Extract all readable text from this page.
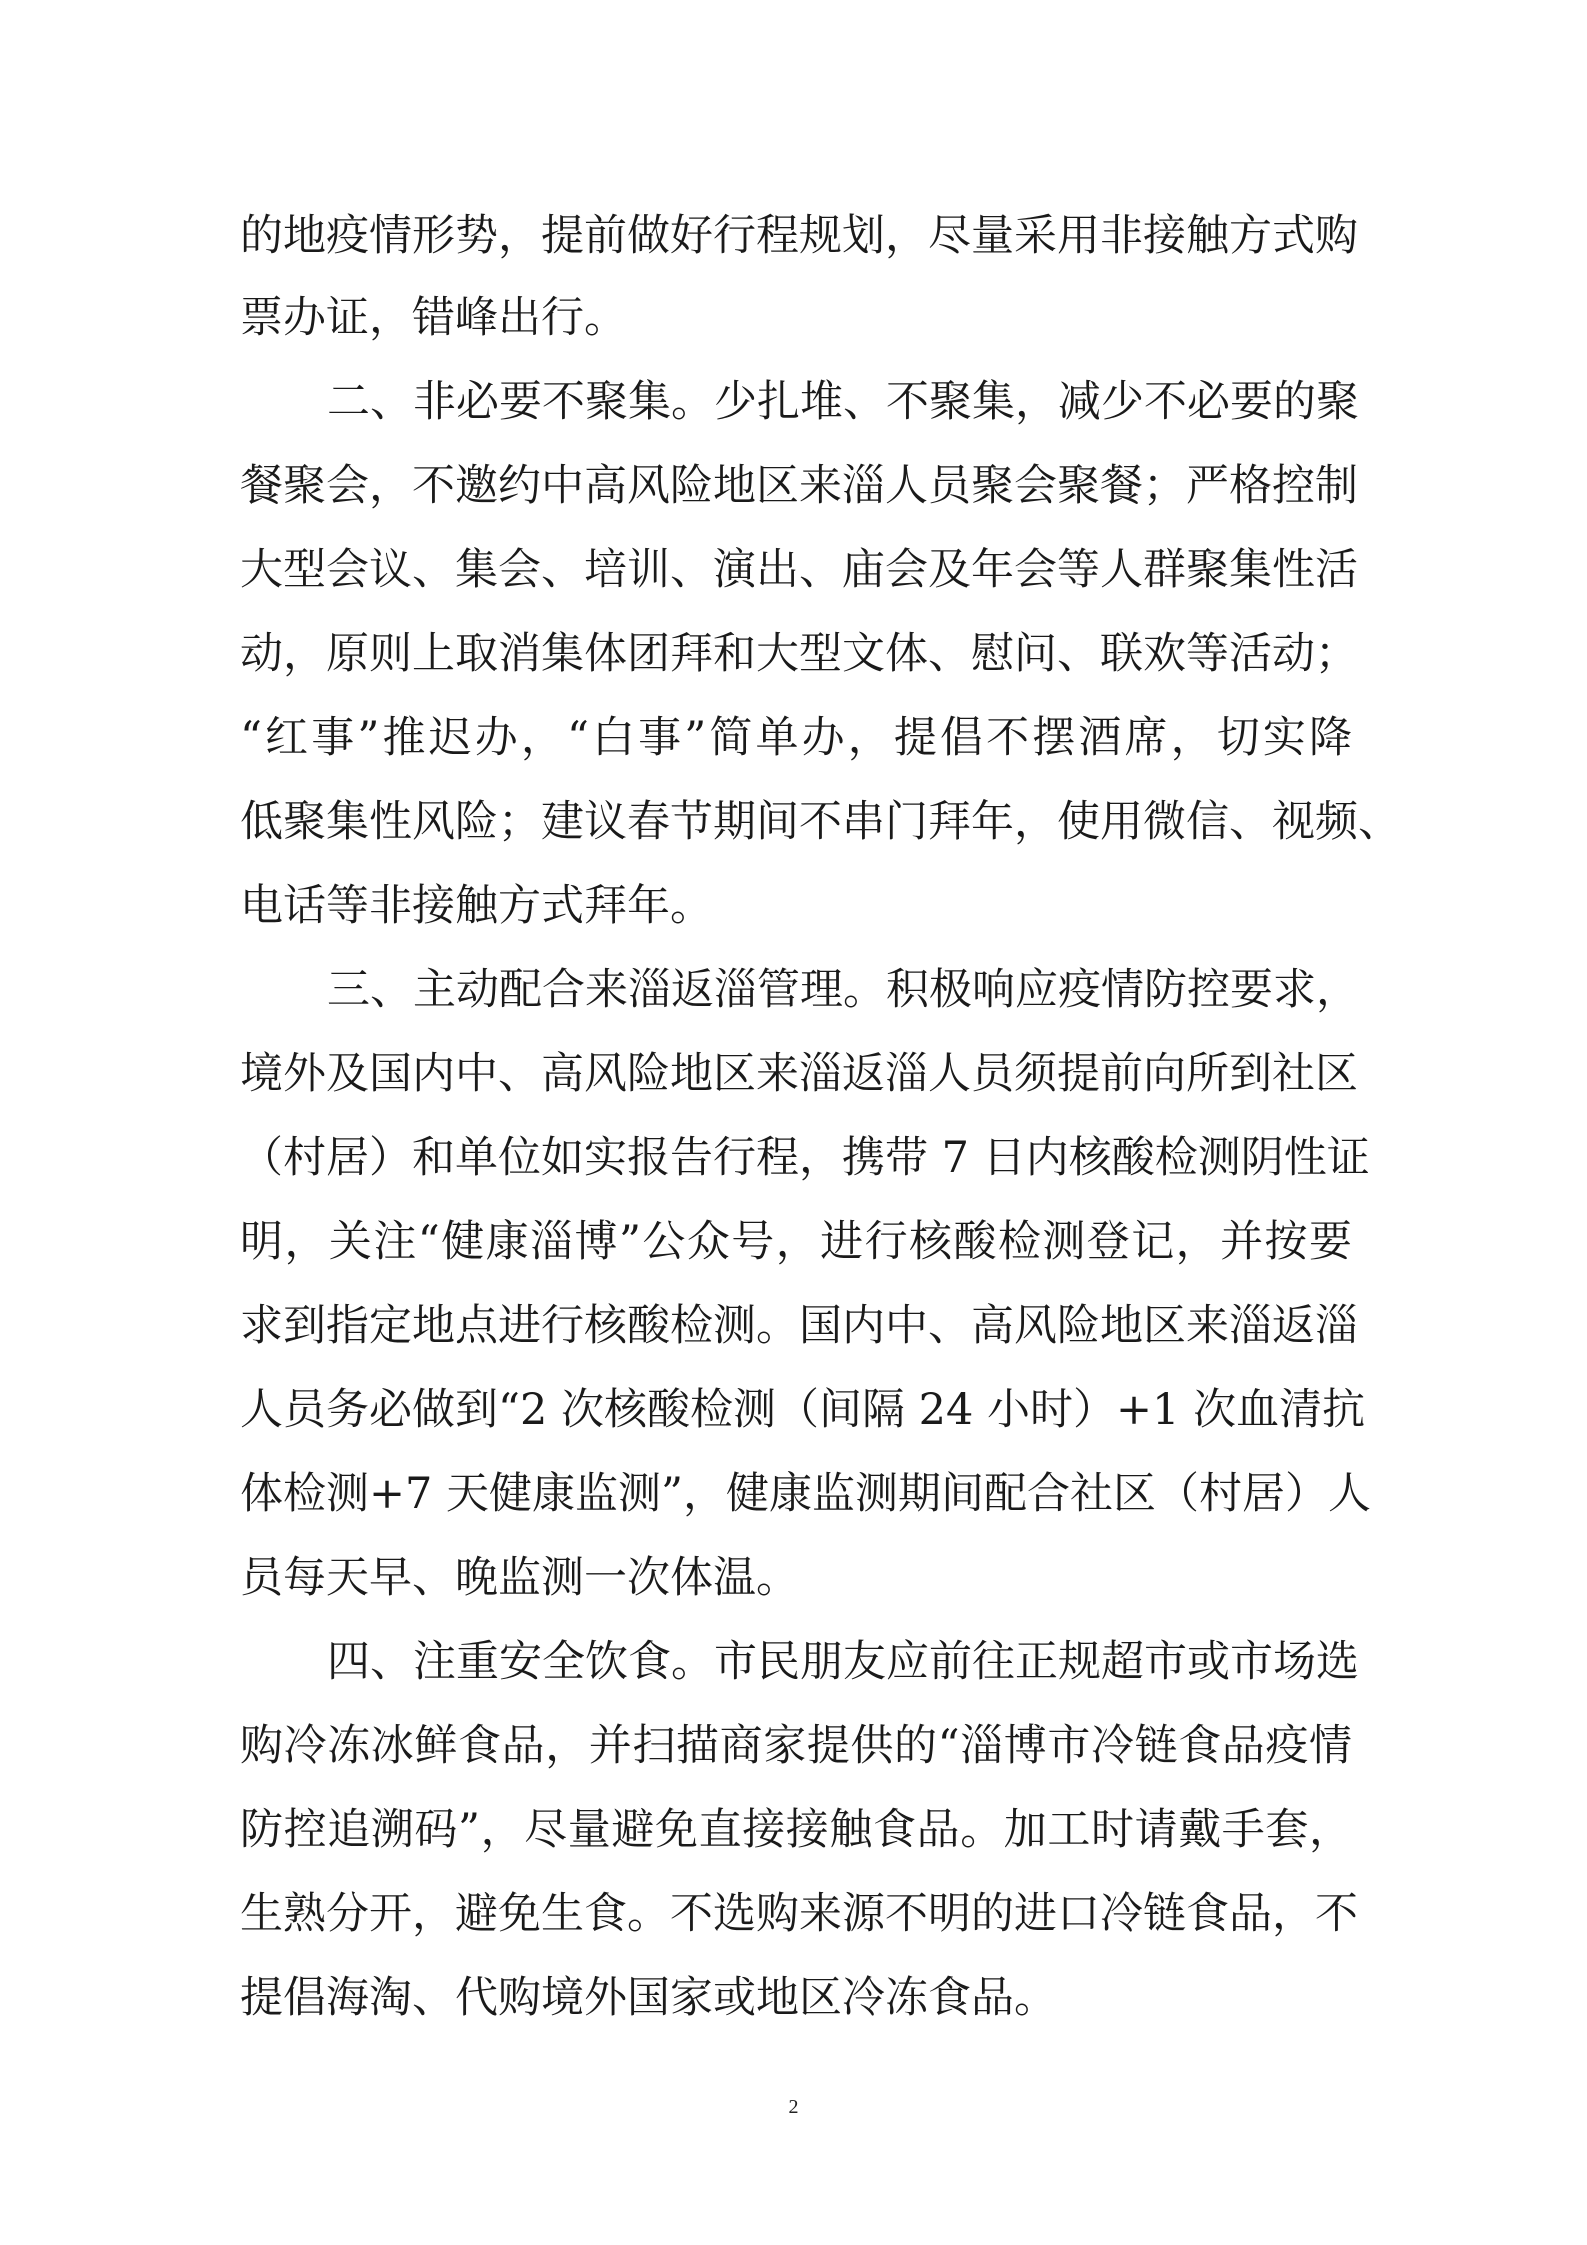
的地疫情形势，提前做好行程规划，尽量采用非接触方式购
票办证，错峰出行。
二、非必要不聚集。少扎堆、不聚集，减少不必要的聚
餐聚会，不邀约中高风险地区来淄人员聚会聚餐；严格控制
大型会议、集会、培训、演出、庙会及年会等人群聚集性活
动，原则上取消集体团拜和大型文体、慰问、联欢等活动；
“红事”推迟办，“白事”简单办，提倡不摆酒席，切实降
低聚集性风险；建议春节期间不串门拜年，使用微信、视频、
电话等非接触方式拜年。
三、主动配合来淄返淄管理。积极响应疫情防控要求，
境外及国内中、高风险地区来淄返淄人员须提前向所到社区
（村居）和单位如实报告行程，携带 7 日内核酸检测阴性证
明，关注“健康淄博”公众号，进行核酸检测登记，并按要
求到指定地点进行核酸检测。国内中、高风险地区来淄返淄
人员务必做到“2 次核酸检测（间隔 24 小时）+1 次血清抗
体检测+7 天健康监测”，健康监测期间配合社区（村居）人
员每天早、晚监测一次体温。
四、注重安全饮食。市民朋友应前往正规超市或市场选
购冷冻冰鲜食品，并扫描商家提供的“淄博市冷链食品疫情
防控追溯码”，尽量避免直接接触食品。加工时请戴手套，
生熟分开，避免生食。不选购来源不明的进口冷链食品，不
提倡海淘、代购境外国家或地区冷冻食品。
2
